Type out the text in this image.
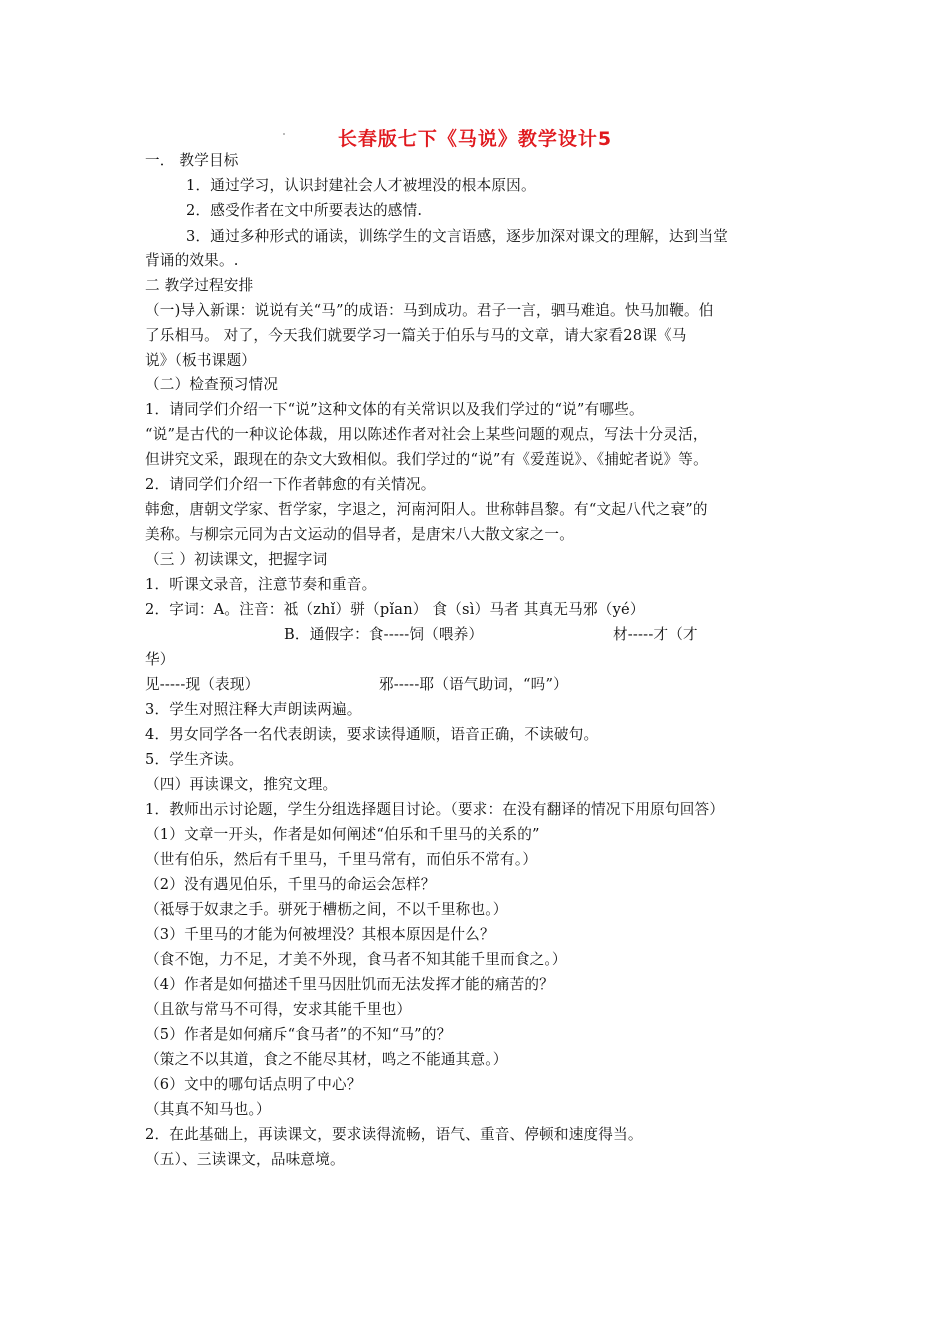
长春版七下《马说》教学设计5
一． 教学目标
1．通过学习，认识封建社会人才被埋没的根本原因。
2．感受作者在文中所要表达的感情.
3．通过多种形式的诵读，训练学生的文言语感，逐步加深对课文的理解，达到当堂
背诵的效果。.
二 教学过程安排
（一)导入新课：说说有关“马”的成语：马到成功。君子一言，驷马难追。快马加鞭。伯
了乐相马。 对了，今天我们就要学习一篇关于伯乐与马的文章，请大家看28课《马
说》（板书课题）
（二）检查预习情况
1．请同学们介绍一下“说”这种文体的有关常识以及我们学过的“说”有哪些。
“说”是古代的一种议论体裁，用以陈述作者对社会上某些问题的观点，写法十分灵活，
但讲究文采，跟现在的杂文大致相似。我们学过的“说”有《爱莲说》、《捕蛇者说》等。
2．请同学们介绍一下作者韩愈的有关情况。
韩愈，唐朝文学家、哲学家，字退之，河南河阳人。世称韩昌黎。有“文起八代之衰”的
美称。与柳宗元同为古文运动的倡导者，是唐宋八大散文家之一。
（三 ）初读课文，把握字词
1．听课文录音，注意节奏和重音。
2．字词：A。注音：祗（zhǐ）骈（pǐan） 食（sì）马者 其真无马邪（yé）
B．通假字：食-----饲（喂养）	材-----才（才
华）
见-----现（表现）	邪-----耶（语气助词，“吗”）
3．学生对照注释大声朗读两遍。
4．男女同学各一名代表朗读，要求读得通顺，语音正确，不读破句。
5．学生齐读。
（四）再读课文，推究文理。
1．教师出示讨论题，学生分组选择题目讨论。（要求：在没有翻译的情况下用原句回答）
（1）文章一开头，作者是如何阐述“伯乐和千里马的关系的”
（世有伯乐，然后有千里马，千里马常有，而伯乐不常有。）
（2）没有遇见伯乐，千里马的命运会怎样？
（祗辱于奴隶之手。骈死于槽枥之间，不以千里称也。）
（3）千里马的才能为何被埋没？其根本原因是什么？
（食不饱，力不足，才美不外现，食马者不知其能千里而食之。）
（4）作者是如何描述千里马因肚饥而无法发挥才能的痛苦的？
（且欲与常马不可得，安求其能千里也）
（5）作者是如何痛斥“食马者”的不知“马”的？
（策之不以其道，食之不能尽其材，鸣之不能通其意。）
（6）文中的哪句话点明了中心？
（其真不知马也。）
2．在此基础上，再读课文，要求读得流畅，语气、重音、停顿和速度得当。
（五）、三读课文，品味意境。
